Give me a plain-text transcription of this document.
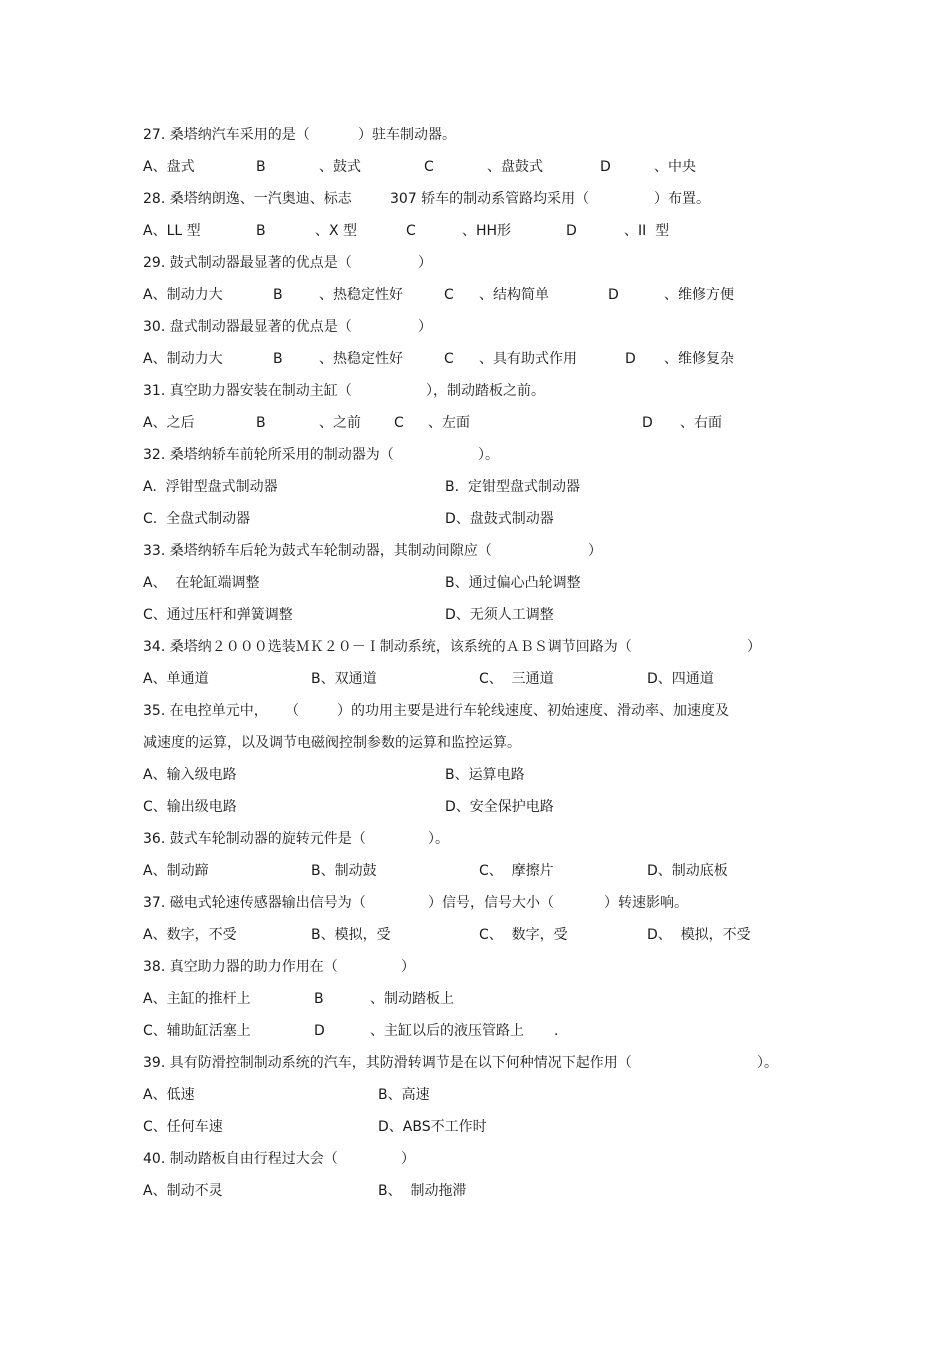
27. 桑塔纳汽车采用的是（	）驻车制动器。
A、盘式	B	、鼓式	C	、盘鼓式	D	、中央
28. 桑塔纳朗逸、一汽奥迪、标志	307 轿车的制动系管路均采用（	）布置。
A、LL 型	B	、X 型	C	、HH形	D	、II  型
29. 鼓式制动器最显著的优点是（	）
A、制动力大	B	、热稳定性好	C 、结构简单	D	、维修方便
30. 盘式制动器最显著的优点是（	）
A、制动力大	B	、热稳定性好	C 、具有助式作用	D 、维修复杂
31. 真空助力器安装在制动主缸（	），制动踏板之前。
A、之后	B	、之前 C 、左面	D 、右面
32. 桑塔纳轿车前轮所采用的制动器为（	）。
A.  浮钳型盘式制动器	B.  定钳型盘式制动器
C.  全盘式制动器	D、盘鼓式制动器
33. 桑塔纳轿车后轮为鼓式车轮制动器，其制动间隙应（	）
A、  在轮缸端调整	B、通过偏心凸轮调整
C、通过压杆和弹簧调整	D、无须人工调整
34. 桑塔纳２０００选装ＭＫ２０－Ｉ制动系统，该系统的ＡＢＳ调节回路为（	）
A、单通道	B、双通道	C、  三通道	D、四通道
35. 在电控单元中， （	）的功用主要是进行车轮线速度、初始速度、滑动率、加速度及
减速度的运算，以及调节电磁阀控制参数的运算和监控运算。
A、输入级电路	B、运算电路
C、输出级电路	D、安全保护电路
36. 鼓式车轮制动器的旋转元件是（	）。
A、制动蹄	B、制动鼓	C、  摩擦片	D、制动底板
37. 磁电式轮速传感器输出信号为（	）信号，信号大小（	）转速影响。
A、数字，不受	B、模拟，受	C、  数字，受	D、  模拟，不受
38. 真空助力器的助力作用在（	）
A、主缸的推杆上	B	、制动踏板上
C、辅助缸活塞上	D	、主缸以后的液压管路上 .
39. 具有防滑控制制动系统的汽车，其防滑转调节是在以下何种情况下起作用（	）。
A、低速	B、高速
C、任何车速	D、ABS不工作时
40. 制动踏板自由行程过大会（	）
A、制动不灵	B、  制动拖滞
